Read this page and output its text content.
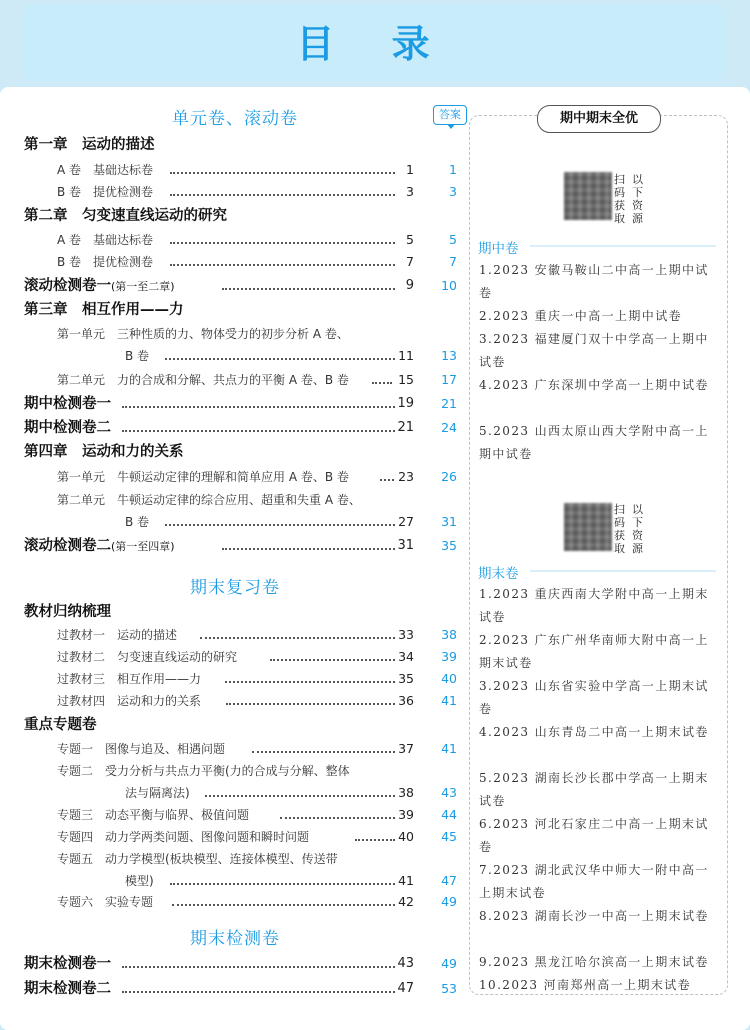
目 录
单元卷、滚动卷	答案
第一章　运动的描述
A 卷　基础达标卷	1	1
B 卷　提优检测卷	3	3
第二章　匀变速直线运动的研究
A 卷　基础达标卷	5	5
B 卷　提优检测卷	7	7
滚动检测卷一(第一至二章)	9	10
第三章　相互作用——力
第一单元　三种性质的力、物体受力的初步分析 A 卷、
B 卷	11	13
第二单元　力的合成和分解、共点力的平衡 A 卷、B 卷	15	17
期中检测卷一	19	21
期中检测卷二	21	24
第四章　运动和力的关系
第一单元　牛顿运动定律的理解和简单应用 A 卷、B 卷	23	26
第二单元　牛顿运动定律的综合应用、超重和失重 A 卷、
B 卷	27	31
滚动检测卷二(第一至四章)	31	35
期末复习卷
教材归纳梳理
过教材一　运动的描述	33	38
过教材二　匀变速直线运动的研究	34	39
过教材三　相互作用——力	35	40
过教材四　运动和力的关系	36	41
重点专题卷
专题一　图像与追及、相遇问题	37	41
专题二　受力分析与共点力平衡(力的合成与分解、整体
法与隔离法)	38	43
专题三　动态平衡与临界、极值问题	39	44
专题四　动力学两类问题、图像问题和瞬时问题	40	45
专题五　动力学模型(板块模型、连接体模型、传送带
模型)	41	47
专题六　实验专题	42	49
期末检测卷
期末检测卷一	43	49
期末检测卷二	47	53
期中期末全优
扫 以
码 下
获 资
取 源
期中卷
1.2023 安徽马鞍山二中高一上期中试卷
2.2023 重庆一中高一上期中试卷
3.2023 福建厦门双十中学高一上期中试卷
4.2023 广东深圳中学高一上期中试卷
5.2023 山西太原山西大学附中高一上期中试卷
扫 以
码 下
获 资
取 源
期末卷
1.2023 重庆西南大学附中高一上期末试卷
2.2023 广东广州华南师大附中高一上期末试卷
3.2023 山东省实验中学高一上期末试卷
4.2023 山东青岛二中高一上期末试卷
5.2023 湖南长沙长郡中学高一上期末试卷
6.2023 河北石家庄二中高一上期末试卷
7.2023 湖北武汉华中师大一附中高一上期末试卷
8.2023 湖南长沙一中高一上期末试卷
9.2023 黑龙江哈尔滨高一上期末试卷
10.2023 河南郑州高一上期末试卷
